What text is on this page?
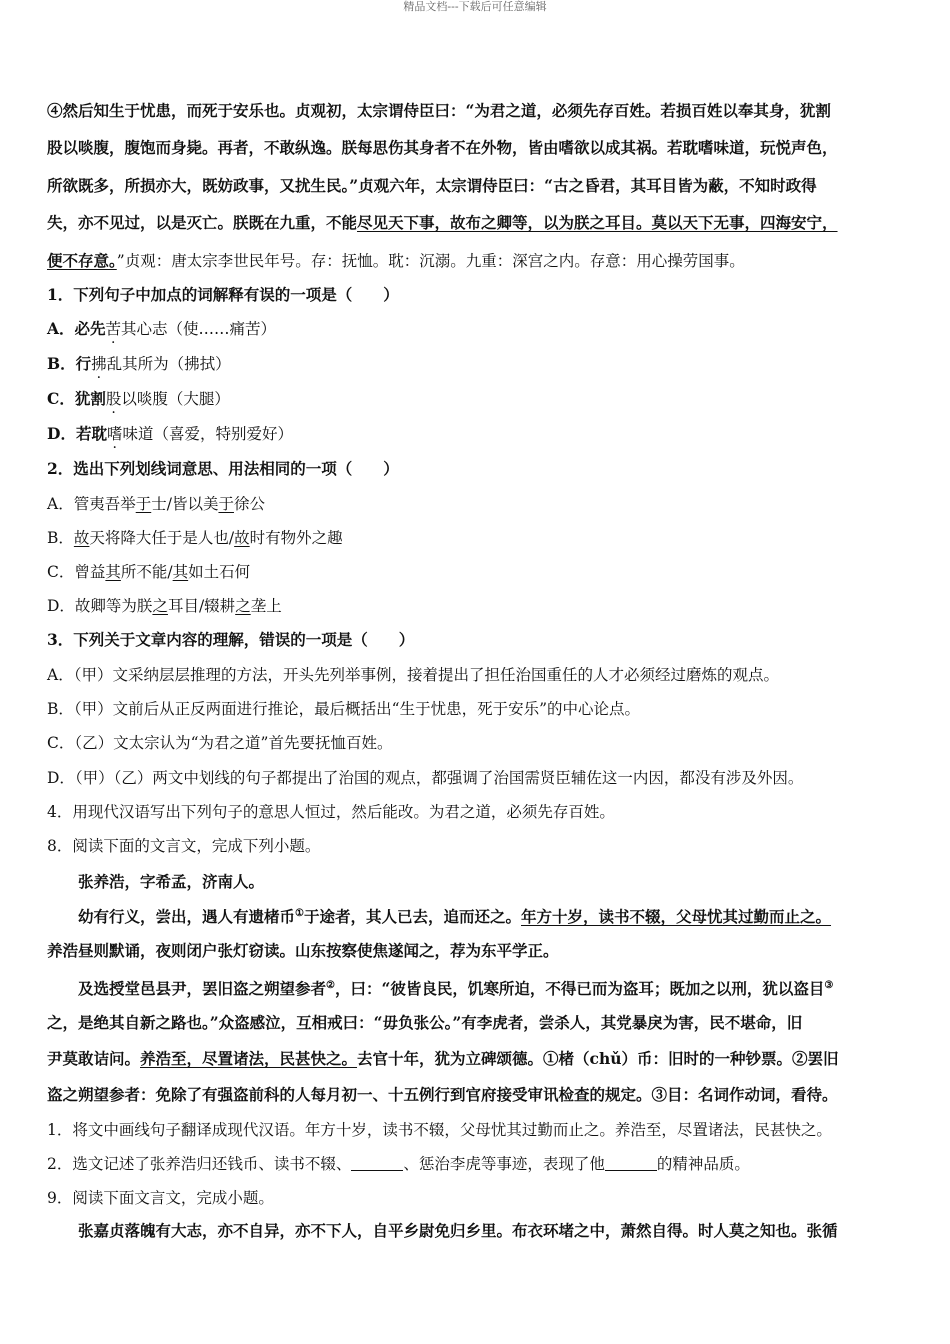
精品文档---下载后可任意编辑
④然后知生于忧患，而死于安乐也。贞观初，太宗谓侍臣曰：“为君之道，必须先存百姓。若损百姓以奉其身，犹割
股以啖腹，腹饱而身毙。再者，不敢纵逸。朕每思伤其身者不在外物，皆由嗜欲以成其祸。若耽嗜味道，玩悦声色，
所欲既多，所损亦大，既妨政事，又扰生民。”贞观六年，太宗谓侍臣曰：“古之昏君，其耳目皆为蔽，不知时政得
失，亦不见过，以是灭亡。朕既在九重，不能尽见天下事，故布之卿等，以为朕之耳目。莫以天下无事，四海安宁，
便不存意。”贞观：唐太宗李世民年号。存：抚恤。耽：沉溺。九重：深宫之内。存意：用心操劳国事。
1．下列句子中加点的词解释有误的一项是（　　）
A．必先苦其心志（使……痛苦）
B．行拂乱其所为（拂拭）
C．犹割股以啖腹（大腿）
D．若耽嗜味道（喜爱，特别爱好）
2．选出下列划线词意思、用法相同的一项（　　）
A．管夷吾举于士/皆以美于徐公
B．故天将降大任于是人也/故时有物外之趣
C．曾益其所不能/其如土石何
D．故卿等为朕之耳目/辍耕之垄上
3．下列关于文章内容的理解，错误的一项是（　　）
A．（甲）文采纳层层推理的方法，开头先列举事例，接着提出了担任治国重任的人才必须经过磨炼的观点。
B．（甲）文前后从正反两面进行推论，最后概括出“生于忧患，死于安乐”的中心论点。
C．（乙）文太宗认为“为君之道”首先要抚恤百姓。
D．（甲）（乙）两文中划线的句子都提出了治国的观点，都强调了治国需贤臣辅佐这一内因，都没有涉及外因。
4．用现代汉语写出下列句子的意思人恒过，然后能改。为君之道，必须先存百姓。
8．阅读下面的文言文，完成下列小题。
张养浩，字希孟，济南人。
幼有行义，尝出，遇人有遗楮币①于途者，其人已去，追而还之。年方十岁，读书不辍，父母忧其过勤而止之。
养浩昼则默诵，夜则闭户张灯窃读。山东按察使焦遂闻之，荐为东平学正。
及选授堂邑县尹，罢旧盗之朔望参者②，曰：“彼皆良民，饥寒所迫，不得已而为盗耳；既加之以刑，犹以盗目③
之，是绝其自新之路也。”众盗感泣，互相戒曰：“毋负张公。”有李虎者，尝杀人，其党暴戾为害，民不堪命，旧
尹莫敢诘问。养浩至，尽置诸法，民甚快之。去官十年，犹为立碑颂德。①楮（chǔ）币：旧时的一种钞票。②罢旧
盗之朔望参者：免除了有强盗前科的人每月初一、十五例行到官府接受审讯检查的规定。③目：名词作动词，看待。
1．将文中画线句子翻译成现代汉语。年方十岁，读书不辍，父母忧其过勤而止之。养浩至，尽置诸法，民甚快之。
2．选文记述了张养浩归还钱币、读书不辍、	、惩治李虎等事迹，表现了他	的精神品质。
9．阅读下面文言文，完成小题。
张嘉贞落魄有大志，亦不自异，亦不下人，自平乡尉免归乡里。布衣环堵之中，萧然自得。时人莫之知也。张循
